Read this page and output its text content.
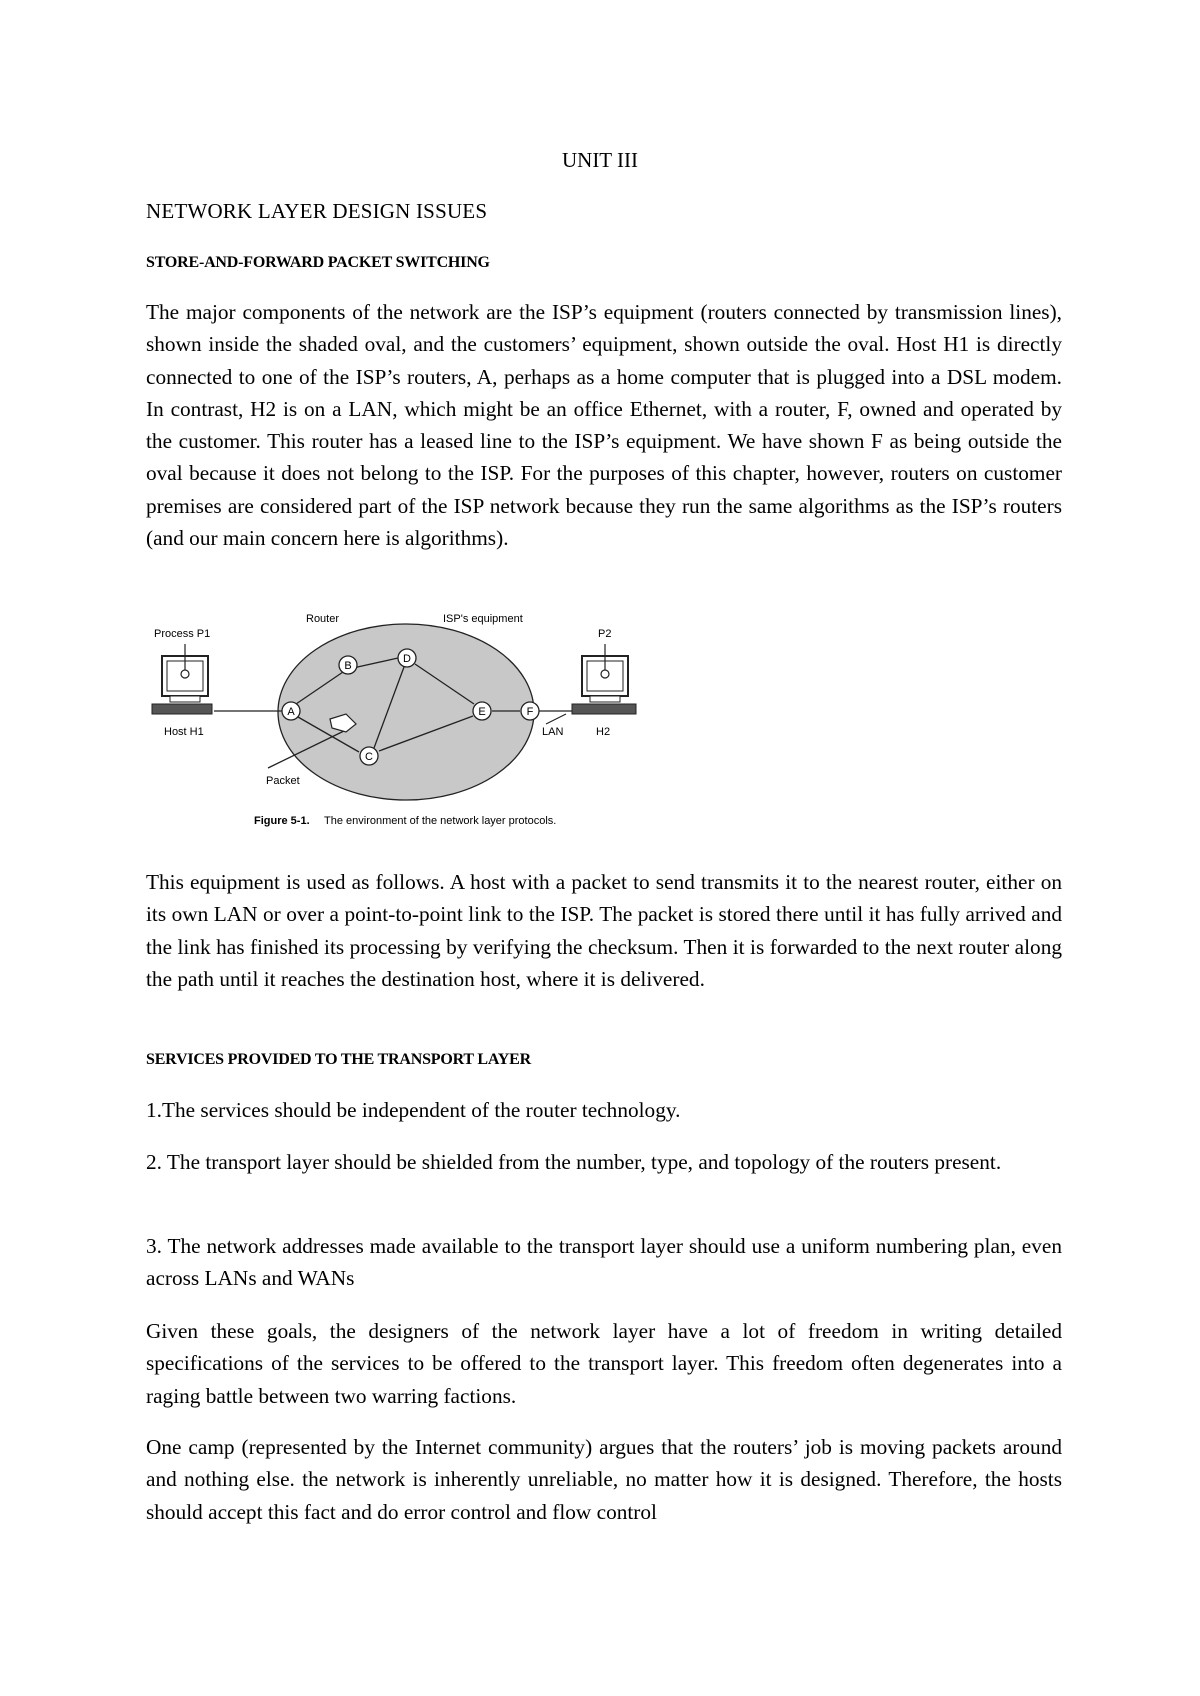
UNIT III
NETWORK LAYER DESIGN ISSUES
STORE-AND-FORWARD PACKET SWITCHING

The major components of the network are the ISP’s equipment (routers connected by transmission lines), shown inside the shaded oval, and the customers’ equipment, shown outside the oval. Host H1 is directly connected to one of the ISP’s routers, A, perhaps as a home computer that is plugged into a DSL modem. In contrast, H2 is on a LAN, which might be an office Ethernet, with a router, F, owned and operated by the customer. This router has a leased line to the ISP’s equipment. We have shown F as being outside the oval because it does not belong to the ISP. For the purposes of this chapter, however, routers on customer premises are considered part of the ISP network because they run the same algorithms as the ISP’s routers (and our main concern here is algorithms).

A
B
D
E
C
F
Process P1
Router	ISP's equipment
P2
Host H1
Packet
LAN	H2
Figure 5-1. The environment of the network layer protocols.

This equipment is used as follows. A host with a packet to send transmits it to the nearest router, either on its own LAN or over a point-to-point link to the ISP. The packet is stored there until it has fully arrived and the link has finished its processing by verifying the checksum. Then it is forwarded to the next router along the path until it reaches the destination host, where it is delivered.

SERVICES PROVIDED TO THE TRANSPORT LAYER

1.The services should be independent of the router technology.

2. The transport layer should be shielded from the number, type, and topology of the routers present.

3. The network addresses made available to the transport layer should use a uniform numbering plan, even across LANs and WANs

Given these goals, the designers of the network layer have a lot of freedom in writing detailed specifications of the services to be offered to the transport layer. This freedom often degenerates into a raging battle between two warring factions.

One camp (represented by the Internet community) argues that the routers’ job is moving packets around and nothing else. the network is inherently unreliable, no matter how it is designed. Therefore, the hosts should accept this fact and do error control and flow control
